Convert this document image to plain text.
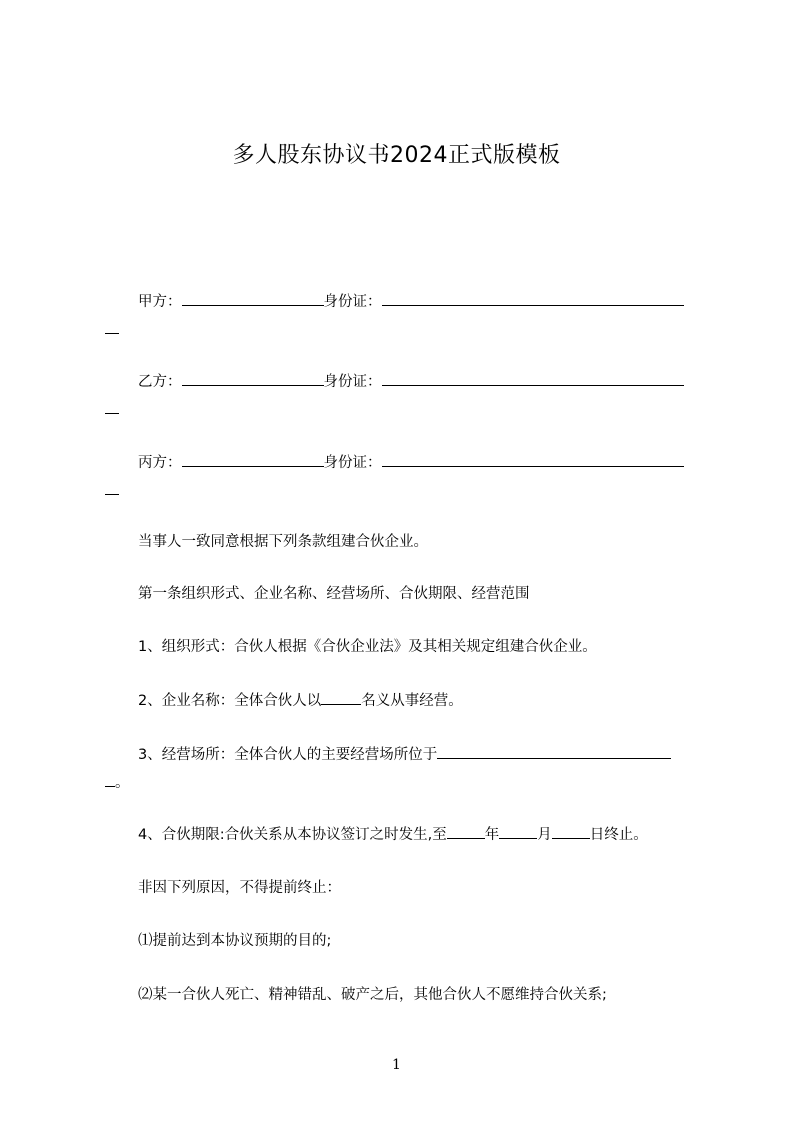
多人股东协议书2024正式版模板
甲方：	身份证：
乙方：	身份证：
丙方：	身份证：
当事人一致同意根据下列条款组建合伙企业。
第一条组织形式、企业名称、经营场所、合伙期限、经营范围
1、组织形式：合伙人根据《合伙企业法》及其相关规定组建合伙企业。
2、企业名称：全体合伙人以	名义从事经营。
3、经营场所：全体合伙人的主要经营场所位于
。
4、合伙期限:合伙关系从本协议签订之时发生,至	年	月	日终止。
非因下列原因，不得提前终止：
⑴提前达到本协议预期的目的;
⑵某一合伙人死亡、精神错乱、破产之后，其他合伙人不愿维持合伙关系;
1
